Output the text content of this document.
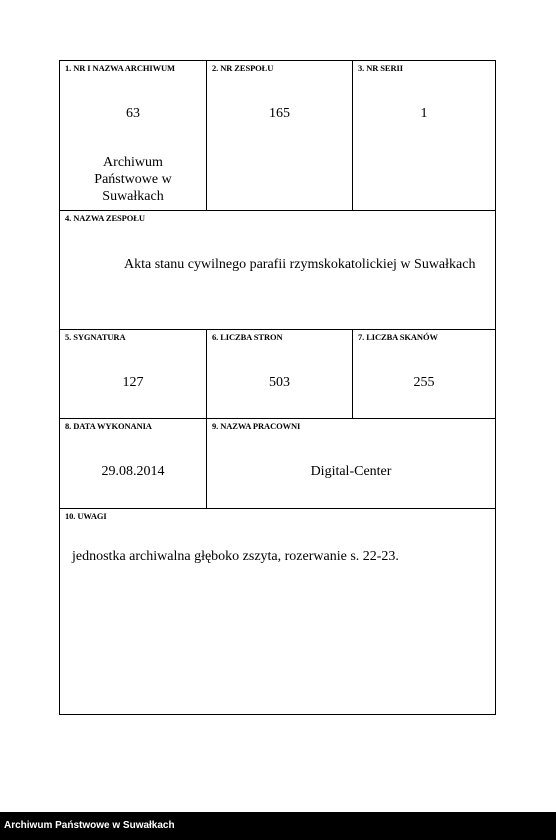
1. NR I NAZWA ARCHIWUM
63
Archiwum Państwowe w Suwałkach
2. NR ZESPOŁU
165
3. NR SERII
1
4. NAZWA ZESPOŁU
Akta stanu cywilnego parafii rzymskokatolickiej w Suwałkach
5. SYGNATURA
127
6. LICZBA STRON
503
7. LICZBA SKANÓW
255
8. DATA WYKONANIA
29.08.2014
9. NAZWA PRACOWNI
Digital-Center
10. UWAGI
jednostka archiwalna głęboko zszyta, rozerwanie s. 22-23.
Archiwum Państwowe w Suwałkach
